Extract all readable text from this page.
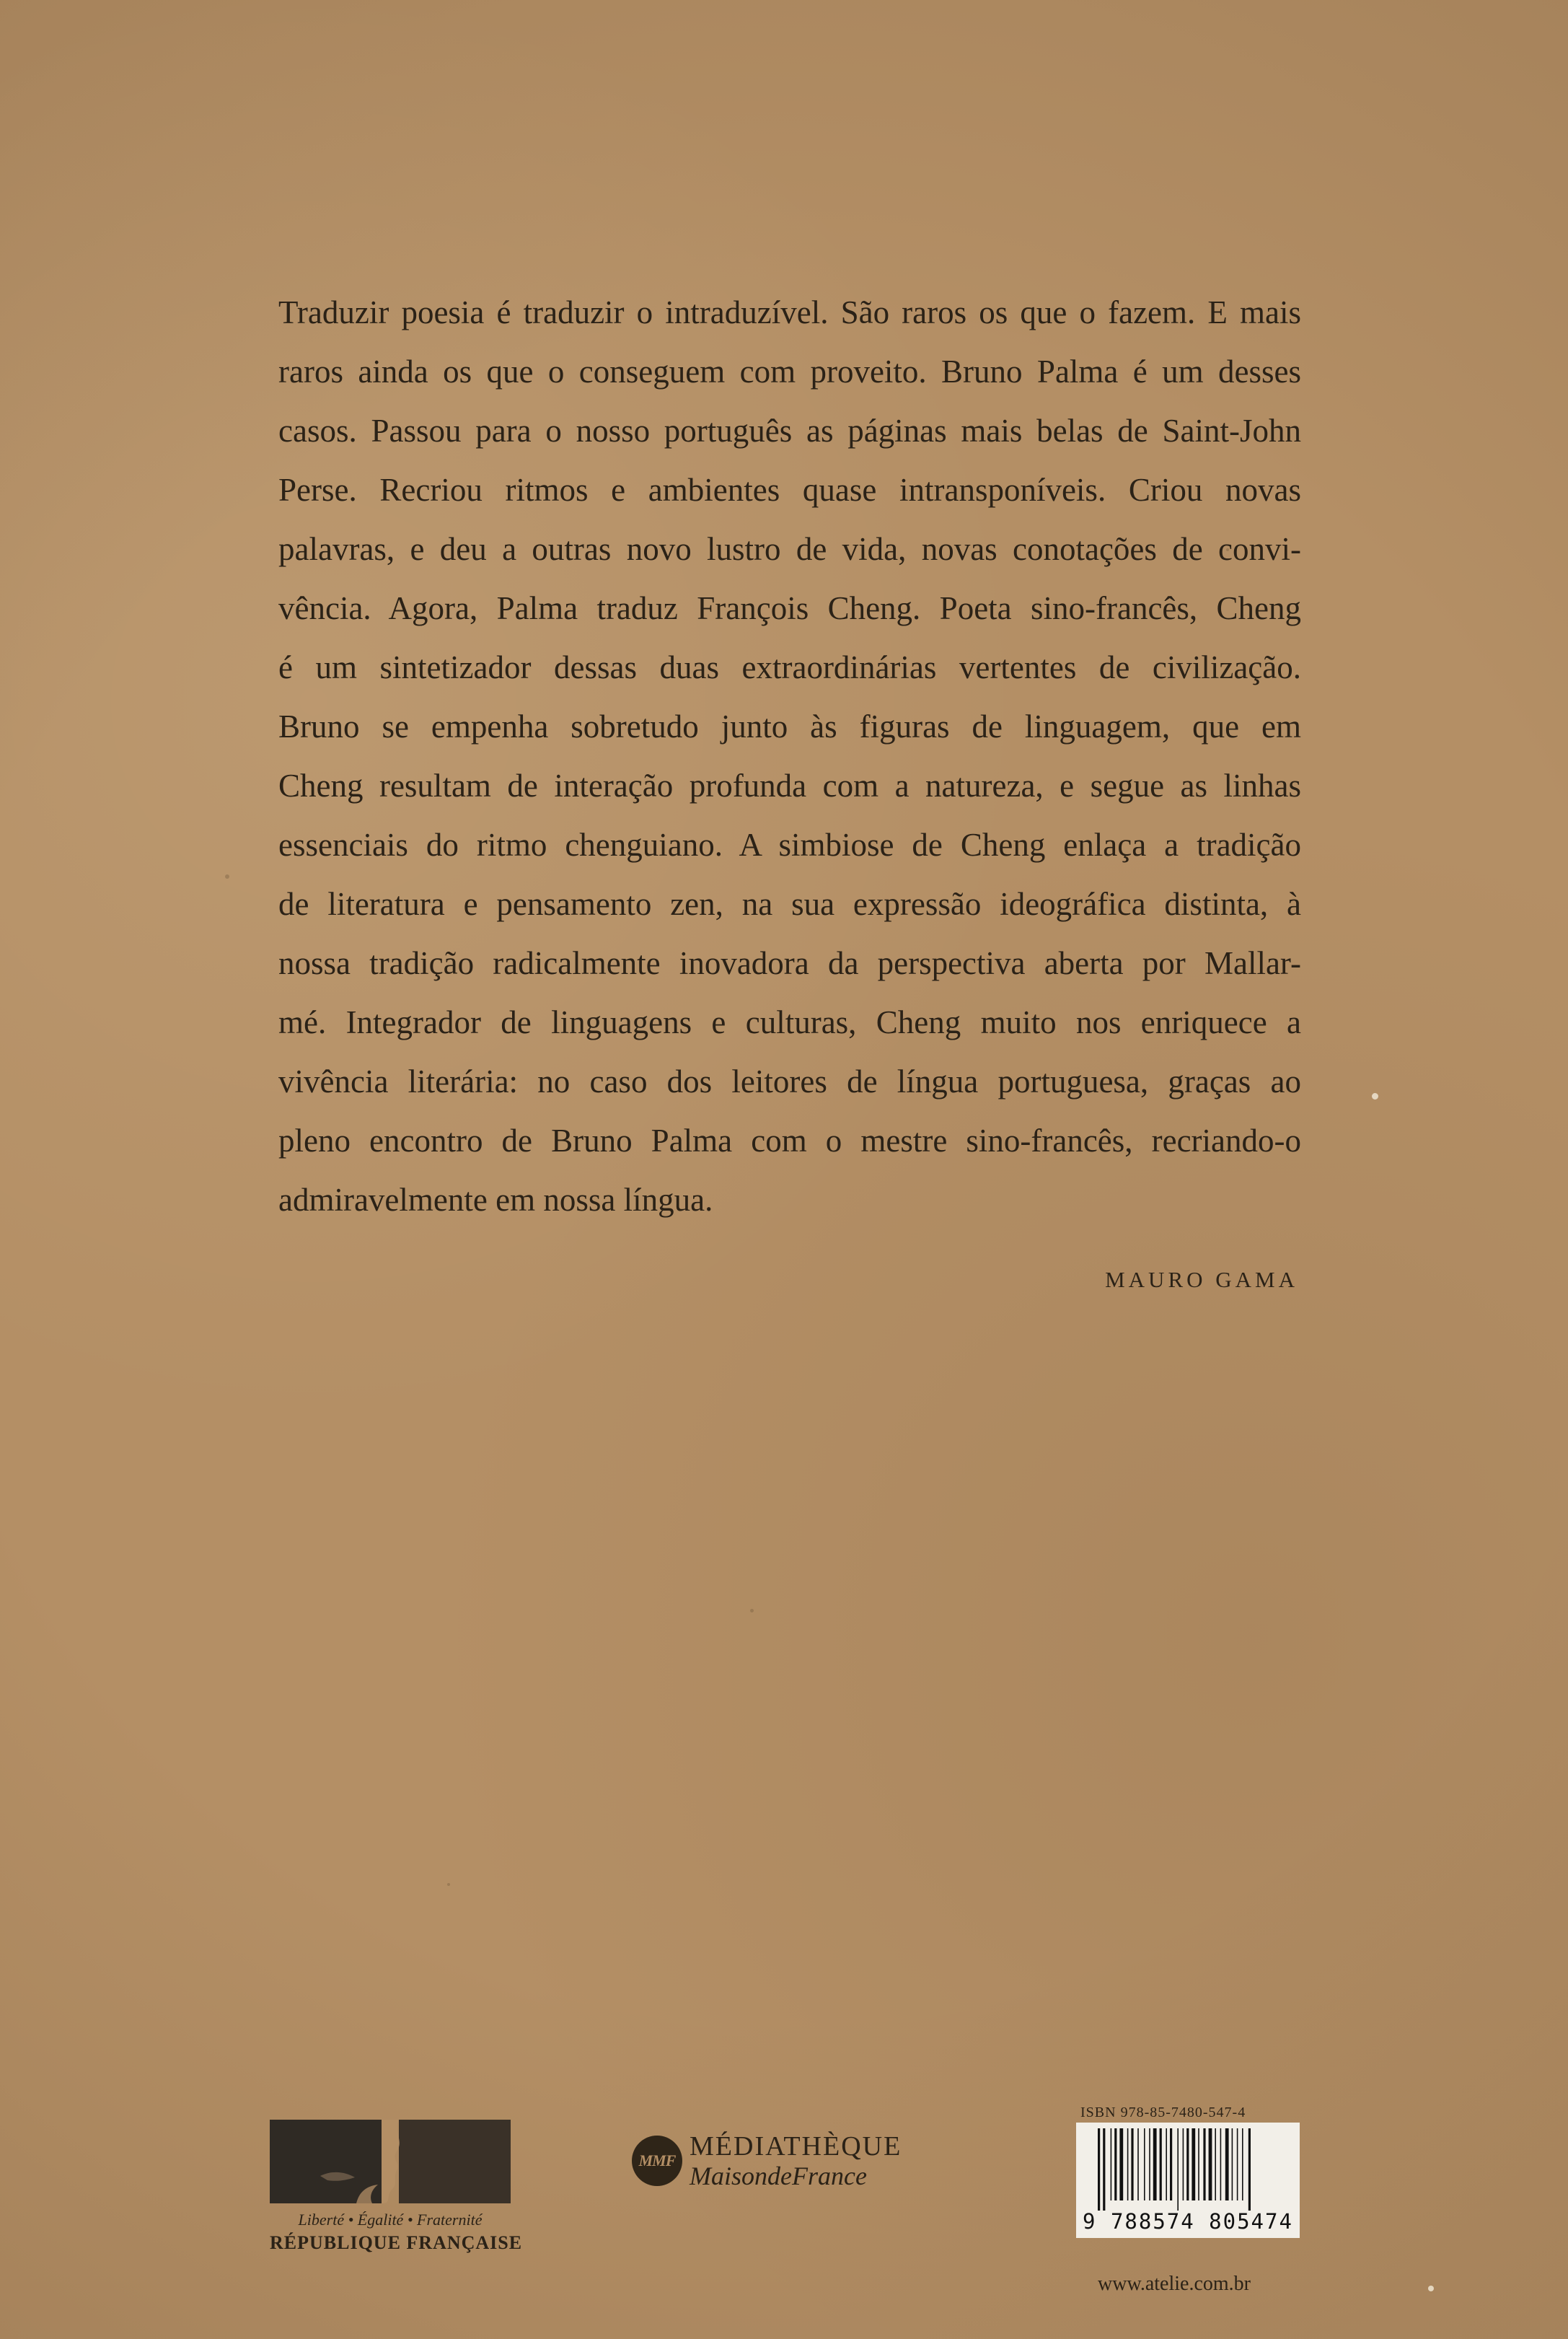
Traduzir poesia é traduzir o intraduzível. São raros os que o fazem. E mais
raros ainda os que o conseguem com proveito. Bruno Palma é um desses
casos. Passou para o nosso português as páginas mais belas de Saint-John
Perse. Recriou ritmos e ambientes quase intransponíveis. Criou novas
palavras, e deu a outras novo lustro de vida, novas conotações de convi-
vência. Agora, Palma traduz François Cheng. Poeta sino-francês, Cheng
é um sintetizador dessas duas extraordinárias vertentes de civilização.
Bruno se empenha sobretudo junto às figuras de linguagem, que em
Cheng resultam de interação profunda com a natureza, e segue as linhas
essenciais do ritmo chenguiano. A simbiose de Cheng enlaça a tradição
de literatura e pensamento zen, na sua expressão ideográfica distinta, à
nossa tradição radicalmente inovadora da perspectiva aberta por Mallar-
mé. Integrador de linguagens e culturas, Cheng muito nos enriquece a
vivência literária: no caso dos leitores de língua portuguesa, graças ao
pleno encontro de Bruno Palma com o mestre sino-francês, recriando-o
admiravelmente em nossa língua.
MAURO GAMA
Liberté • Égalité • Fraternité
RÉPUBLIQUE FRANÇAISE
MMF MÉDIATHÈQUE
MaisondeFrance
ISBN 978-85-7480-547-4
9 788574 805474
www.atelie.com.br
